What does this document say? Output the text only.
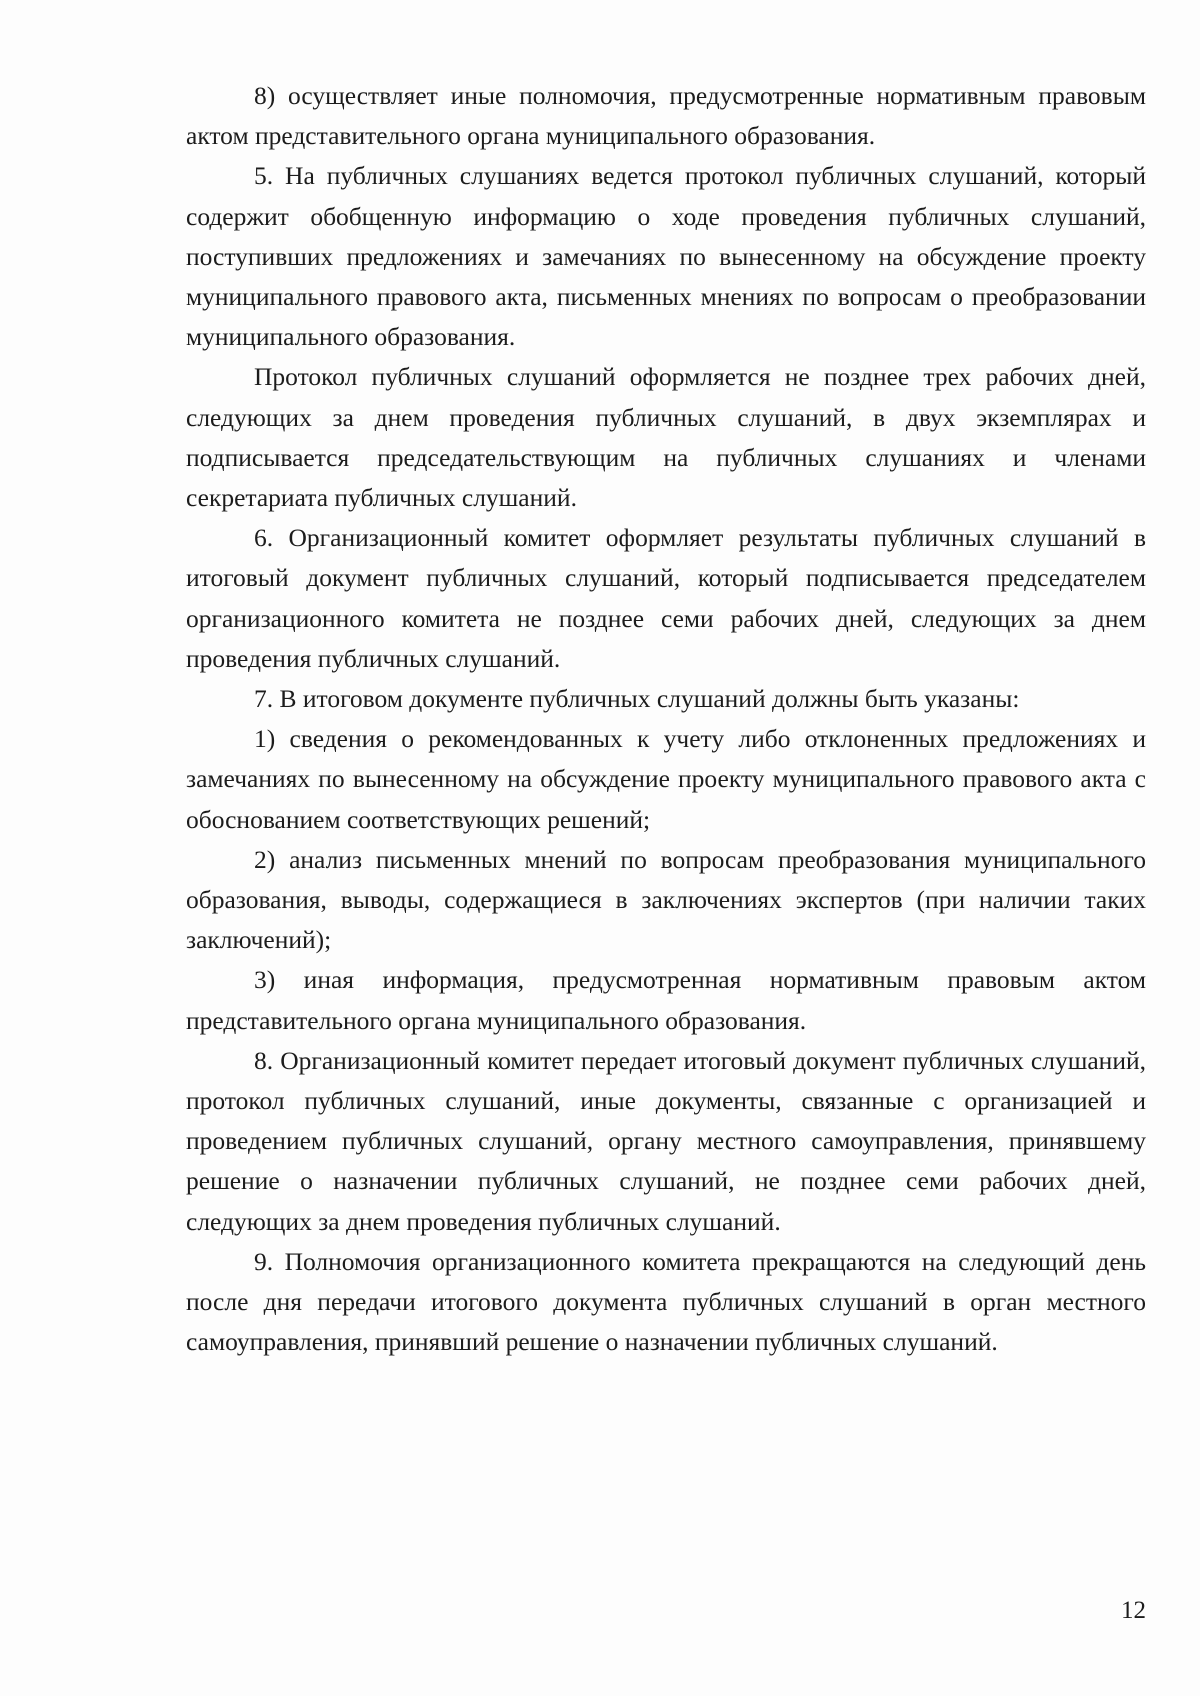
8) осуществляет иные полномочия, предусмотренные нормативным правовым актом представительного органа муниципального образования.

5. На публичных слушаниях ведется протокол публичных слушаний, который содержит обобщенную информацию о ходе проведения публичных слушаний, поступивших предложениях и замечаниях по вынесенному на обсуждение проекту муниципального правового акта, письменных мнениях по вопросам о преобразовании муниципального образования.

Протокол публичных слушаний оформляется не позднее трех рабочих дней, следующих за днем проведения публичных слушаний, в двух экземплярах и подписывается председательствующим на публичных слушаниях и членами секретариата публичных слушаний.

6. Организационный комитет оформляет результаты публичных слушаний в итоговый документ публичных слушаний, который подписывается председателем организационного комитета не позднее семи рабочих дней, следующих за днем проведения публичных слушаний.

7. В итоговом документе публичных слушаний должны быть указаны:

1) сведения о рекомендованных к учету либо отклоненных предложениях и замечаниях по вынесенному на обсуждение проекту муниципального правового акта с обоснованием соответствующих решений;

2) анализ письменных мнений по вопросам преобразования муниципального образования, выводы, содержащиеся в заключениях экспертов (при наличии таких заключений);

3) иная информация, предусмотренная нормативным правовым актом представительного органа муниципального образования.

8. Организационный комитет передает итоговый документ публичных слушаний, протокол публичных слушаний, иные документы, связанные с организацией и проведением публичных слушаний, органу местного самоуправления, принявшему решение о назначении публичных слушаний, не позднее семи рабочих дней, следующих за днем проведения публичных слушаний.

9. Полномочия организационного комитета прекращаются на следующий день после дня передачи итогового документа публичных слушаний в орган местного самоуправления, принявший решение о назначении публичных слушаний.

12
